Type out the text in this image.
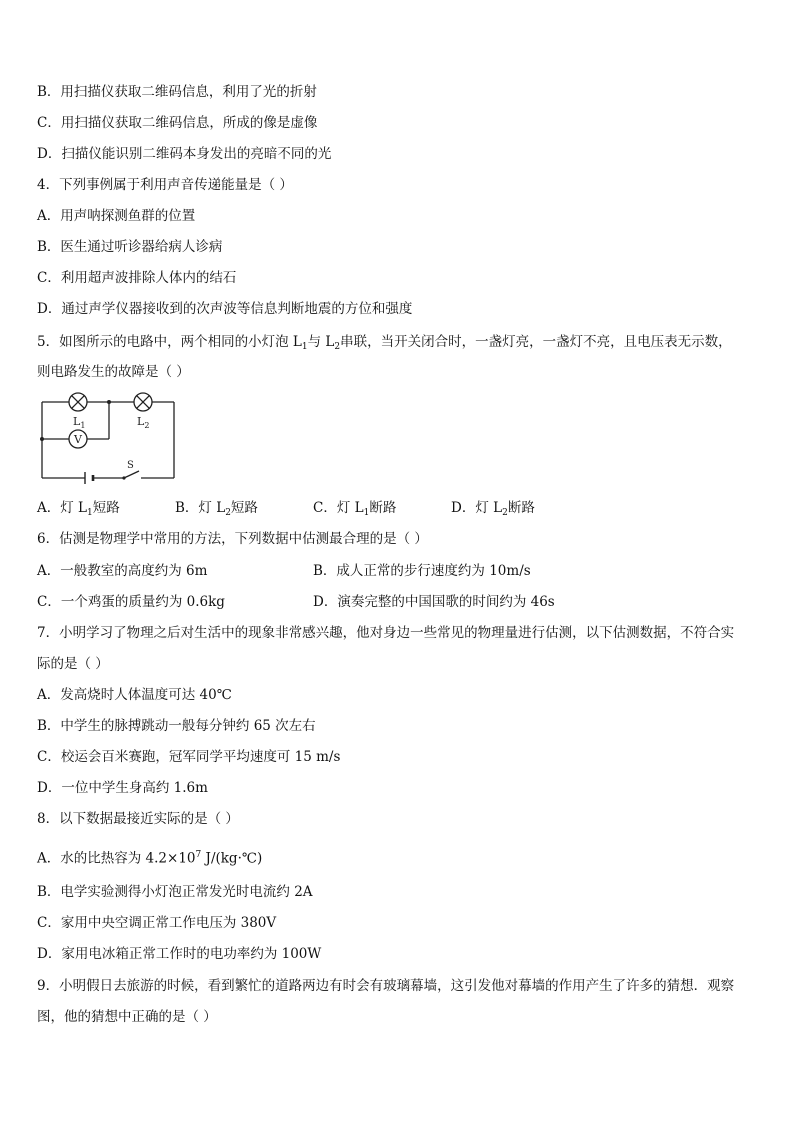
B．用扫描仪获取二维码信息，利用了光的折射
C．用扫描仪获取二维码信息，所成的像是虚像
D．扫描仪能识别二维码本身发出的亮暗不同的光
4．下列事例属于利用声音传递能量是（ ）
A．用声呐探测鱼群的位置
B．医生通过听诊器给病人诊病
C．利用超声波排除人体内的结石
D．通过声学仪器接收到的次声波等信息判断地震的方位和强度
5．如图所示的电路中，两个相同的小灯泡 $L_1$与 $L_2$串联，当开关闭合时，一盏灯亮，一盏灯不亮，且电压表无示数，
则电路发生的故障是（ ）
V
$L_1$	$L_2$
S
A．灯 $L_1$短路	B．灯 $L_2$短路	C．灯 $L_1$断路	D．灯 $L_2$断路
6．估测是物理学中常用的方法，下列数据中估测最合理的是（ ）
A．一般教室的高度约为 6m	B．成人正常的步行速度约为 10m/s
C．一个鸡蛋的质量约为 0.6kg	D．演奏完整的中国国歌的时间约为 46s
7．小明学习了物理之后对生活中的现象非常感兴趣，他对身边一些常见的物理量进行估测，以下估测数据，不符合实
际的是（ ）
A．发高烧时人体温度可达 40℃
B．中学生的脉搏跳动一般每分钟约 65 次左右
C．校运会百米赛跑，冠军同学平均速度可 15 m/s
D．一位中学生身高约 1.6m
8．以下数据最接近实际的是（ ）
A．水的比热容为 $4.2\times 10^7$ J/(kg·℃)
B．电学实验测得小灯泡正常发光时电流约 2A
C．家用中央空调正常工作电压为 380V
D．家用电冰箱正常工作时的电功率约为 100W
9．小明假日去旅游的时候，看到繁忙的道路两边有时会有玻璃幕墙，这引发他对幕墙的作用产生了许多的猜想．观察
图，他的猜想中正确的是（ ）
